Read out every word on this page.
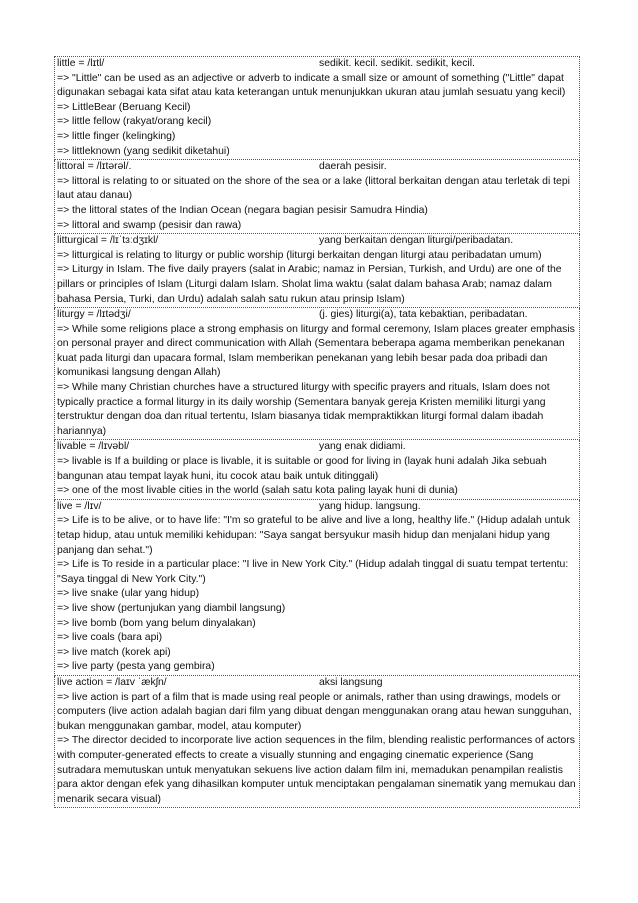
little = /lɪtl/	sedikit. kecil. sedikit. sedikit, kecil.
=> "Little" can be used as an adjective or adverb to indicate a small size or amount of something ("Little" dapat digunakan sebagai kata sifat atau kata keterangan untuk menunjukkan ukuran atau jumlah sesuatu yang kecil)
=> LittleBear (Beruang Kecil)
=> little fellow (rakyat/orang kecil)
=> little finger (kelingking)
=> littleknown (yang sedikit diketahui)
littoral = /lɪtərəl/.	daerah pesisir.
=> littoral is relating to or situated on the shore of the sea or a lake (littoral berkaitan dengan atau terletak di tepi laut atau danau)
=> the littoral states of the Indian Ocean (negara bagian pesisir Samudra Hindia)
=> littoral and swamp (pesisir dan rawa)
litturgical = /lɪˈtɜːdʒɪkl/	yang berkaitan dengan liturgi/peribadatan.
=> litturgical is relating to liturgy or public worship (liturgi berkaitan dengan liturgi atau peribadatan umum)
=> Liturgy in Islam. The five daily prayers (salat in Arabic; namaz in Persian, Turkish, and Urdu) are one of the pillars or principles of Islam (Liturgi dalam Islam. Sholat lima waktu (salat dalam bahasa Arab; namaz dalam bahasa Persia, Turki, dan Urdu) adalah salah satu rukun atau prinsip Islam)
liturgy = /lɪtədʒi/	(j. gies) liturgi(a), tata kebaktian, peribadatan.
=> While some religions place a strong emphasis on liturgy and formal ceremony, Islam places greater emphasis on personal prayer and direct communication with Allah (Sementara beberapa agama memberikan penekanan kuat pada liturgi dan upacara formal, Islam memberikan penekanan yang lebih besar pada doa pribadi dan komunikasi langsung dengan Allah)
=> While many Christian churches have a structured liturgy with specific prayers and rituals, Islam does not typically practice a formal liturgy in its daily worship (Sementara banyak gereja Kristen memiliki liturgi yang terstruktur dengan doa dan ritual tertentu, Islam biasanya tidak mempraktikkan liturgi formal dalam ibadah hariannya)
livable = /lɪvəbl/	yang enak didiami.
=> livable is If a building or place is livable, it is suitable or good for living in (layak huni adalah Jika sebuah bangunan atau tempat layak huni, itu cocok atau baik untuk ditinggali)
=> one of the most livable cities in the world (salah satu kota paling layak huni di dunia)
live = /lɪv/	yang hidup. langsung.
=> Life is to be alive, or to have life: "I'm so grateful to be alive and live a long, healthy life." (Hidup adalah untuk tetap hidup, atau untuk memiliki kehidupan: "Saya sangat bersyukur masih hidup dan menjalani hidup yang panjang dan sehat.")
=> Life is To reside in a particular place: "I live in New York City." (Hidup adalah tinggal di suatu tempat tertentu: "Saya tinggal di New York City.")
=> live snake (ular yang hidup)
=> live show (pertunjukan yang diambil langsung)
=> live bomb (bom yang belum dinyalakan)
=> live coals (bara api)
=> live match (korek api)
=> live party (pesta yang gembira)
live action = /laɪv ˈækʃn/	aksi langsung
=> live action is part of a film that is made using real people or animals, rather than using drawings, models or computers (live action adalah bagian dari film yang dibuat dengan menggunakan orang atau hewan sungguhan, bukan menggunakan gambar, model, atau komputer)
=> The director decided to incorporate live action sequences in the film, blending realistic performances of actors with computer-generated effects to create a visually stunning and engaging cinematic experience (Sang sutradara memutuskan untuk menyatukan sekuens live action dalam film ini, memadukan penampilan realistis para aktor dengan efek yang dihasilkan komputer untuk menciptakan pengalaman sinematik yang memukau dan menarik secara visual)
